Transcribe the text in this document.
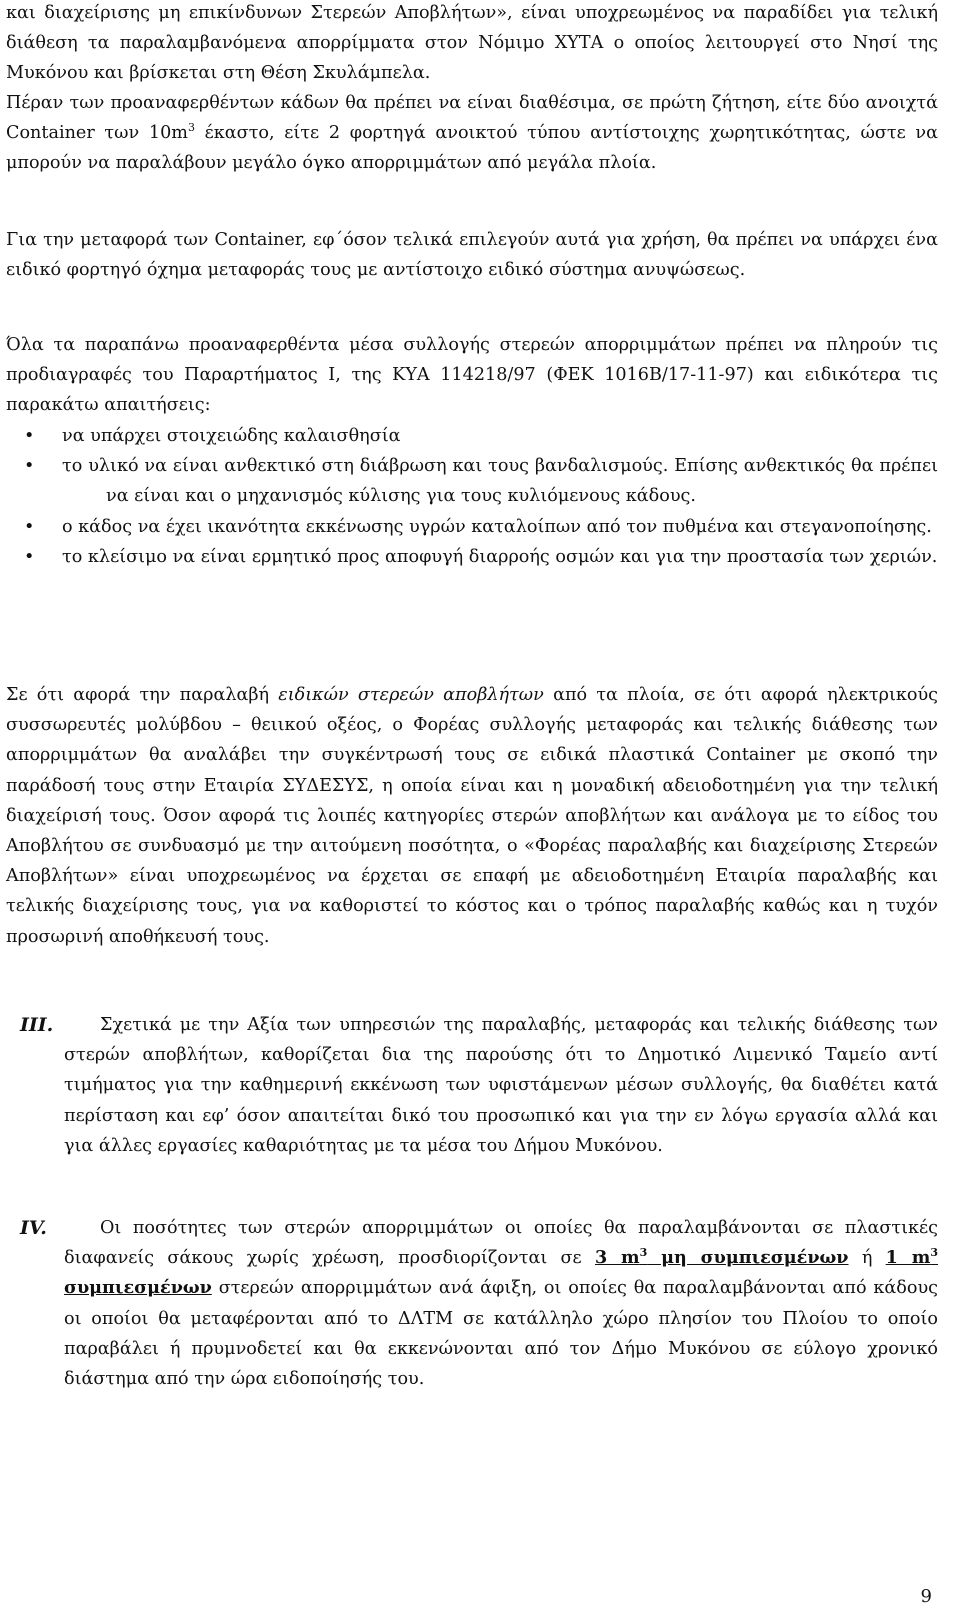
και διαχείρισης μη επικίνδυνων Στερεών Αποβλήτων», είναι υποχρεωμένος να παραδίδει για τελική διάθεση τα παραλαμβανόμενα απορρίμματα στον Νόμιμο ΧΥΤΑ ο οποίος λειτουργεί στο Νησί της Μυκόνου και βρίσκεται στη Θέση Σκυλάμπελα.

Πέραν των προαναφερθέντων κάδων θα πρέπει να είναι διαθέσιμα, σε πρώτη ζήτηση, είτε δύο ανοιχτά Container των $10m^3$ έκαστο, είτε 2 φορτηγά ανοικτού τύπου αντίστοιχης χωρητικότητας, ώστε να μπορούν να παραλάβουν μεγάλο όγκο απορριμμάτων από μεγάλα πλοία.

Για την μεταφορά των Container, εφ΄όσον τελικά επιλεγούν αυτά για χρήση, θα πρέπει να υπάρχει ένα ειδικό φορτηγό όχημα μεταφοράς τους με αντίστοιχο ειδικό σύστημα ανυψώσεως.

Όλα τα παραπάνω προαναφερθέντα μέσα συλλογής στερεών απορριμμάτων πρέπει να πληρούν τις προδιαγραφές του Παραρτήματος Ι, της ΚΥΑ 114218/97 (ΦΕΚ 1016Β/17-11-97) και ειδικότερα τις παρακάτω απαιτήσεις:

• να υπάρχει στοιχειώδης καλαισθησία
• το υλικό να είναι ανθεκτικό στη διάβρωση και τους βανδαλισμούς. Επίσης ανθεκτικός θα πρέπει να είναι και ο μηχανισμός κύλισης για τους κυλιόμενους κάδους.
• ο κάδος να έχει ικανότητα εκκένωσης υγρών καταλοίπων από τον πυθμένα και στεγανοποίησης.
• το κλείσιμο να είναι ερμητικό προς αποφυγή διαρροής οσμών και για την προστασία των χεριών.

Σε ότι αφορά την παραλαβή ειδικών στερεών αποβλήτων από τα πλοία, σε ότι αφορά ηλεκτρικούς συσσωρευτές μολύβδου – θειικού οξέος, ο Φορέας συλλογής μεταφοράς και τελικής διάθεσης των απορριμμάτων θα αναλάβει την συγκέντρωσή τους σε ειδικά πλαστικά Container με σκοπό την παράδοσή τους στην Εταιρία ΣΥΔΕΣΥΣ, η οποία είναι και η μοναδική αδειοδοτημένη για την τελική διαχείρισή τους. Όσον αφορά τις λοιπές κατηγορίες στερών αποβλήτων και ανάλογα με το είδος του Αποβλήτου σε συνδυασμό με την αιτούμενη ποσότητα, ο «Φορέας παραλαβής και διαχείρισης Στερεών Αποβλήτων» είναι υποχρεωμένος να έρχεται σε επαφή με αδειοδοτημένη Εταιρία παραλαβής και τελικής διαχείρισης τους, για να καθοριστεί το κόστος και ο τρόπος παραλαβής καθώς και η τυχόν προσωρινή αποθήκευσή τους.

III.	Σχετικά με την Αξία των υπηρεσιών της παραλαβής, μεταφοράς και τελικής διάθεσης των στερών αποβλήτων, καθορίζεται δια της παρούσης ότι το Δημοτικό Λιμενικό Ταμείο αντί τιμήματος για την καθημερινή εκκένωση των υφιστάμενων μέσων συλλογής, θα διαθέτει κατά περίσταση και εφ’ όσον απαιτείται δικό του προσωπικό και για την εν λόγω εργασία αλλά και για άλλες εργασίες καθαριότητας με τα μέσα του Δήμου Μυκόνου.
IV.	Οι ποσότητες των στερών απορριμμάτων οι οποίες θα παραλαμβάνονται σε πλαστικές διαφανείς σάκους χωρίς χρέωση, προσδιορίζονται σε 3 $m^3$ μη συμπιεσμένων ή 1 $m^3$ συμπιεσμένων στερεών απορριμμάτων ανά άφιξη, οι οποίες θα παραλαμβάνονται από κάδους οι οποίοι θα μεταφέρονται από το ΔΛΤΜ σε κατάλληλο χώρο πλησίον του Πλοίου το οποίο παραβάλει ή πρυμνοδετεί και θα εκκενώνονται από τον Δήμο Μυκόνου σε εύλογο χρονικό διάστημα από την ώρα ειδοποίησής του.
9
